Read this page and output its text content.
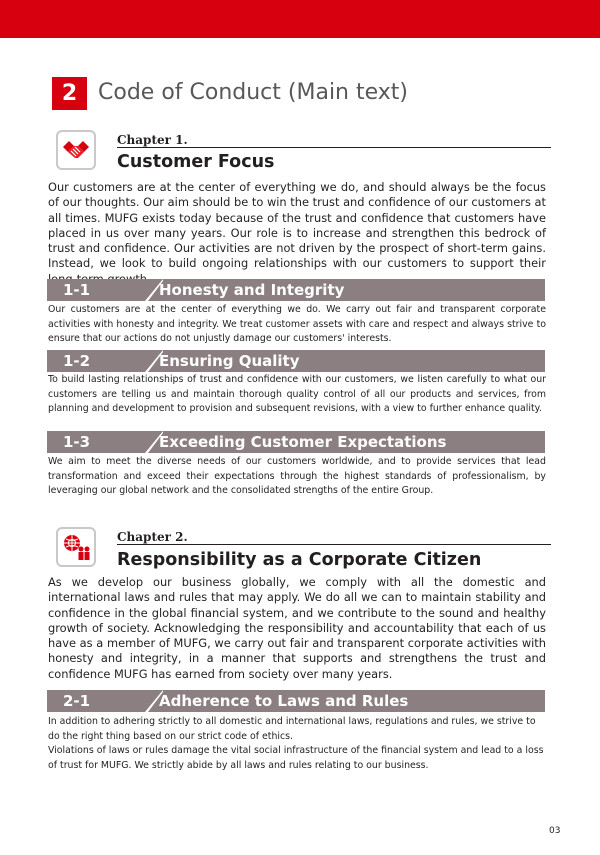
2 Code of Conduct (Main text)
Chapter 1.
Customer Focus

Our customers are at the center of everything we do, and should always be the focus of our thoughts. Our aim should be to win the trust and confidence of our customers at all times. MUFG exists today because of the trust and confidence that customers have placed in us over many years. Our role is to increase and strengthen this bedrock of trust and confidence. Our activities are not driven by the prospect of short-term gains. Instead, we look to build ongoing relationships with our customers to support their

1-1	Honesty and Integrity

Our customers are at the center of everything we do. We carry out fair and transparent corporate activities with honesty and integrity. We treat customer assets with care and respect and always strive to ensure that our actions do not unjustly damage our customers' interests.

1-2	Ensuring Quality

To build lasting relationships of trust and confidence with our customers, we listen carefully to what our customers are telling us and maintain thorough quality control of all our products and services, from planning and development to provision and subsequent revisions, with a view to further enhance quality.

1-3	Exceeding Customer Expectations

We aim to meet the diverse needs of our customers worldwide, and to provide services that lead transformation and exceed their expectations through the highest standards of professionalism, by leveraging our global network and the consolidated strengths of the entire Group.

Chapter 2.
Responsibility as a Corporate Citizen

As we develop our business globally, we comply with all the domestic and international laws and rules that may apply. We do all we can to maintain stability and confidence in the global financial system, and we contribute to the sound and healthy growth of society. Acknowledging the responsibility and accountability that each of us have as a member of MUFG, we carry out fair and transparent corporate activities with honesty and integrity, in a manner that supports and strengthens the trust and confidence MUFG has earned from society over many years.

2-1	Adherence to Laws and Rules
In addition to adhering strictly to all domestic and international laws, regulations and rules, we strive to do the right thing based on our strict code of ethics.
Violations of laws or rules damage the vital social infrastructure of the financial system and lead to a loss of trust for MUFG. We strictly abide by all laws and rules relating to our business.
03
